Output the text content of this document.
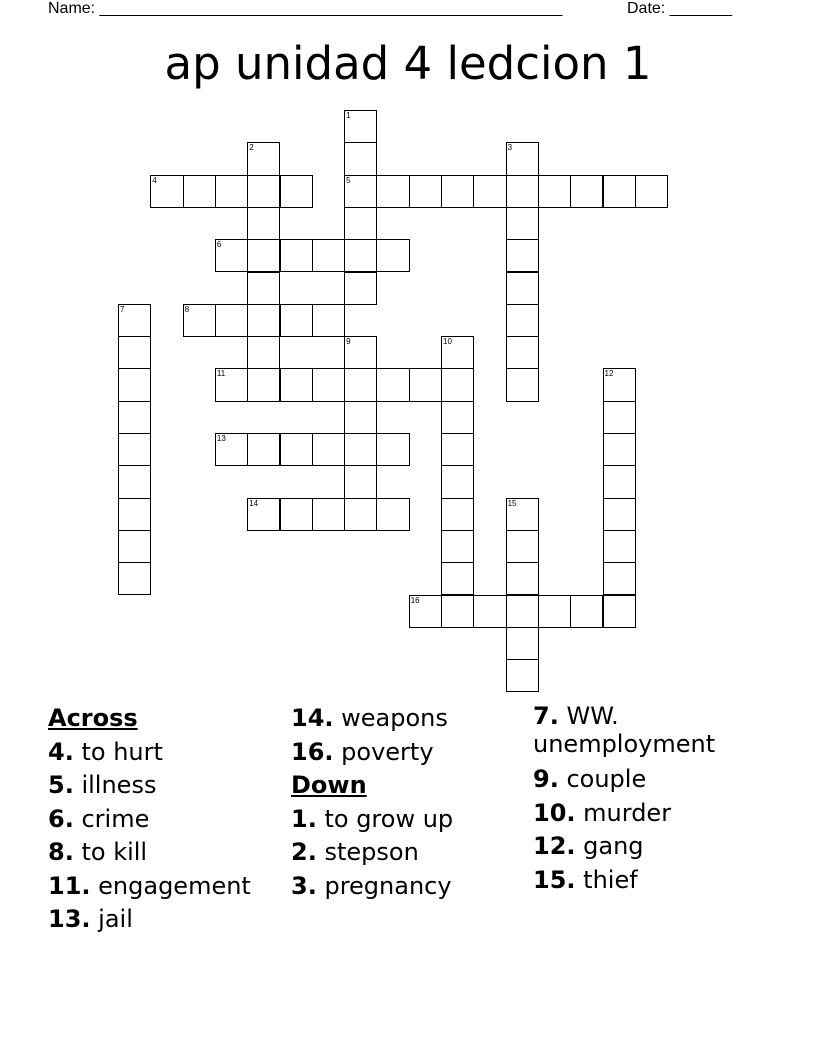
Name: ____________________________________________________	Date: _______
ap unidad 4 ledcion 1
1
5
2	3
4
6
7	8
9	10
11	12
13
14	15
16
Across
4. to hurt
5. illness
6. crime
8. to kill
11. engagement
13. jail
14. weapons
16. poverty
Down
1. to grow up
2. stepson
3. pregnancy
7. WW. unemployment
9. couple
10. murder
12. gang
15. thief
